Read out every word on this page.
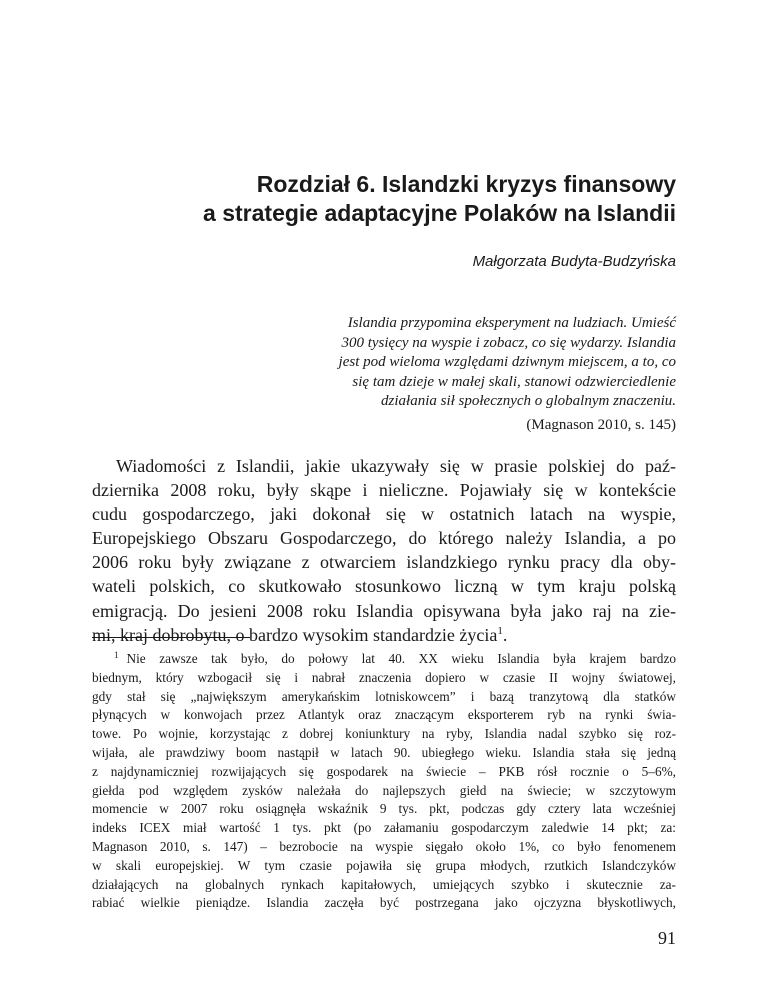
Rozdział 6. Islandzki kryzys finansowy
a strategie adaptacyjne Polaków na Islandii

Małgorzata Budyta-Budzyńska

Islandia przypomina eksperyment na ludziach. Umieść
300 tysięcy na wyspie i zobacz, co się wydarzy. Islandia
jest pod wieloma względami dziwnym miejscem, a to, co
się tam dzieje w małej skali, stanowi odzwierciedlenie
działania sił społecznych o globalnym znaczeniu.

(Magnason 2010, s. 145)

Wiadomości z Islandii, jakie ukazywały się w prasie polskiej do paź-
dziernika 2008 roku, były skąpe i nieliczne. Pojawiały się w kontekście
cudu gospodarczego, jaki dokonał się w ostatnich latach na wyspie,
Europejskiego Obszaru Gospodarczego, do którego należy Islandia, a po
2006 roku były związane z otwarciem islandzkiego rynku pracy dla oby-
wateli polskich, co skutkowało stosunkowo liczną w tym kraju polską
emigracją. Do jesieni 2008 roku Islandia opisywana była jako raj na zie-
mi, kraj dobrobytu, o bardzo wysokim standardzie życia$^1$.

$^1$ Nie zawsze tak było, do połowy lat 40. XX wieku Islandia była krajem bardzo
biednym, który wzbogacił się i nabrał znaczenia dopiero w czasie II wojny światowej,
gdy stał się „największym amerykańskim lotniskowcem” i bazą tranzytową dla statków
płynących w konwojach przez Atlantyk oraz znaczącym eksporterem ryb na rynki świa-
towe. Po wojnie, korzystając z dobrej koniunktury na ryby, Islandia nadal szybko się roz-
wijała, ale prawdziwy boom nastąpił w latach 90. ubiegłego wieku. Islandia stała się jedną
z najdynamiczniej rozwijających się gospodarek na świecie – PKB rósł rocznie o 5–6%,
giełda pod względem zysków należała do najlepszych giełd na świecie; w szczytowym
momencie w 2007 roku osiągnęła wskaźnik 9 tys. pkt, podczas gdy cztery lata wcześniej
indeks ICEX miał wartość 1 tys. pkt (po załamaniu gospodarczym zaledwie 14 pkt; za:
Magnason 2010, s. 147) – bezrobocie na wyspie sięgało około 1%, co było fenomenem
w skali europejskiej. W tym czasie pojawiła się grupa młodych, rzutkich Islandczyków
działających na globalnych rynkach kapitałowych, umiejących szybko i skutecznie za-
rabiać wielkie pieniądze. Islandia zaczęła być postrzegana jako ojczyzna błyskotliwych,

91
